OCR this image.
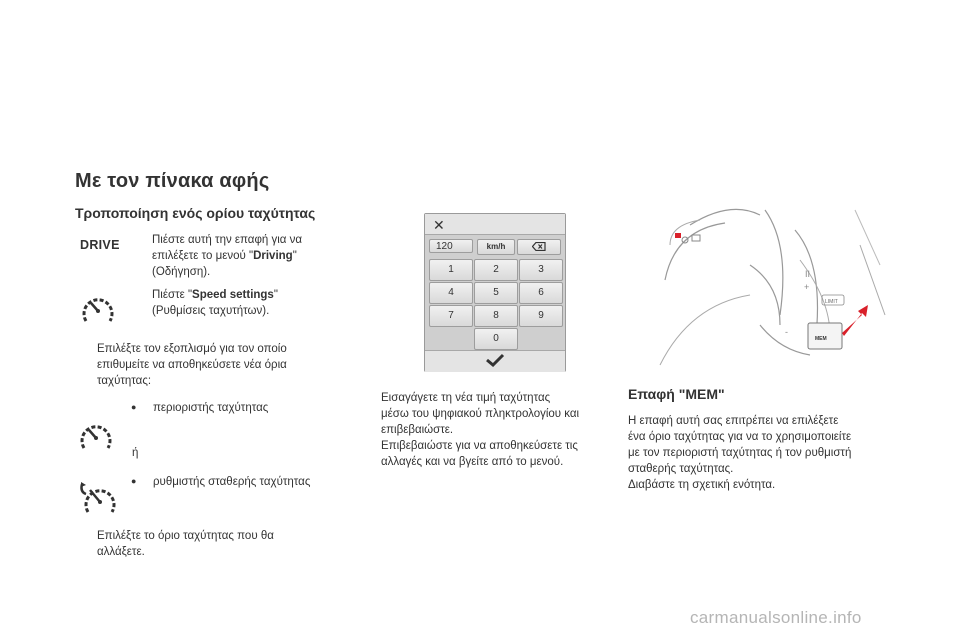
Με τον πίνακα αφής
Τροποποίηση ενός ορίου ταχύτητας
DRIVE	Πιέστε αυτή την επαφή για να
επιλέξετε το μενού "Driving"
(Οδήγηση).
Πιέστε "Speed settings"
(Ρυθμίσεις ταχυτήτων).
Επιλέξτε τον εξοπλισμό για τον οποίο
επιθυμείτε να αποθηκεύσετε νέα όρια
ταχύτητας:
● περιοριστής ταχύτητας
ή
● ρυθμιστής σταθερής ταχύτητας
Επιλέξτε το όριο ταχύτητας που θα
αλλάξετε.
✕
120	km/h
1	2	3
4	5	6
7	8	9
0
Εισαγάγετε τη νέα τιμή ταχύτητας
μέσω του ψηφιακού πληκτρολογίου και
επιβεβαιώστε.
Επιβεβαιώστε για να αποθηκεύσετε τις
αλλαγές και να βγείτε από το μενού.
II
+
-
LIMIT
MEM
Επαφή "MEM"
Η επαφή αυτή σας επιτρέπει να επιλέξετε
ένα όριο ταχύτητας για να το χρησιμοποιείτε
με τον περιοριστή ταχύτητας ή τον ρυθμιστή
σταθερής ταχύτητας.
Διαβάστε τη σχετική ενότητα.
carmanualsonline.info
